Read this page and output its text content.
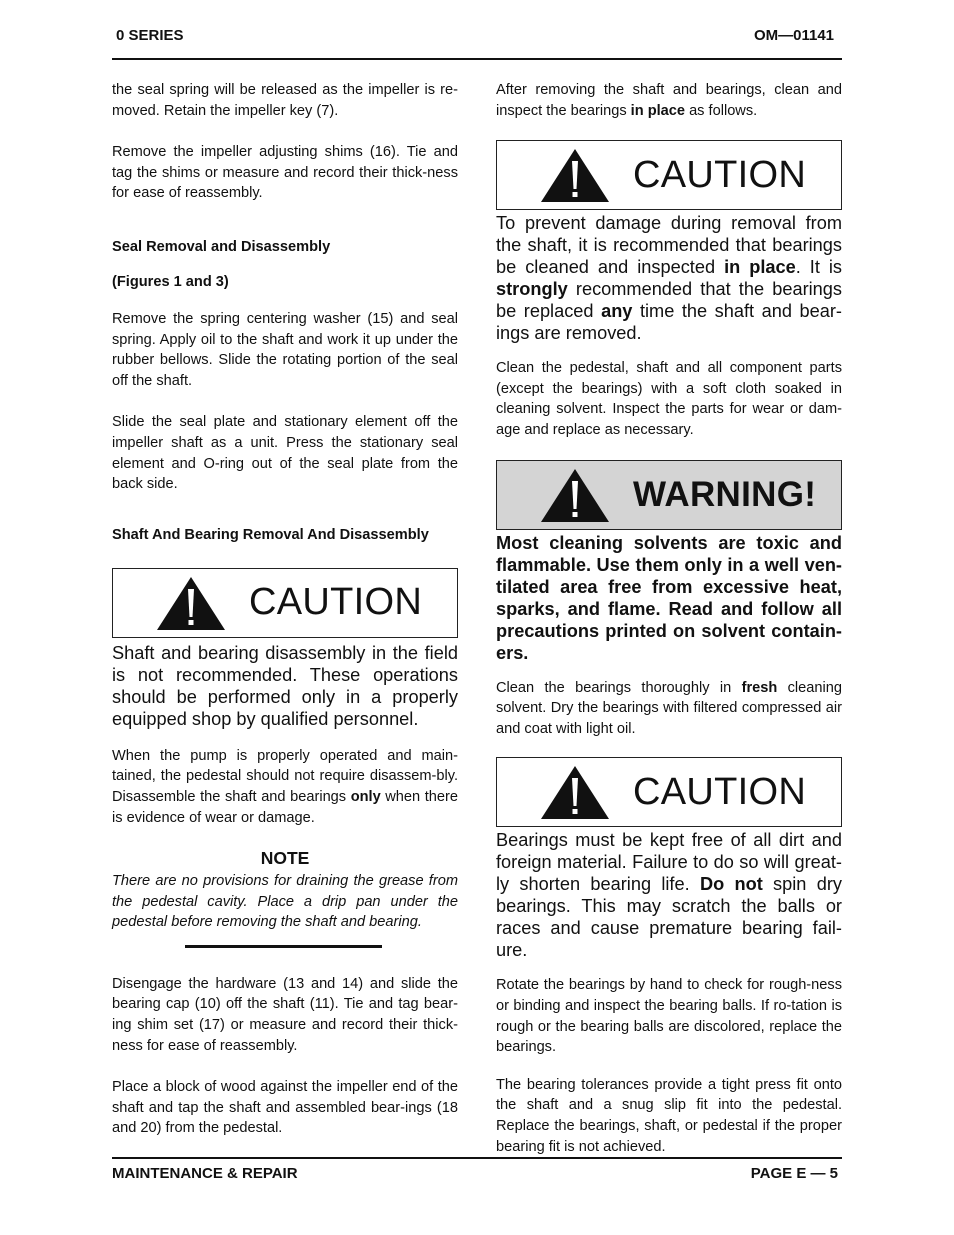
0 SERIES	OM—01141

the seal spring will be released as the impeller is re-moved. Retain the impeller key (7).

Remove the impeller adjusting shims (16). Tie and tag the shims or measure and record their thick-ness for ease of reassembly.

Seal Removal and Disassembly

(Figures 1 and 3)

Remove the spring centering washer (15) and seal spring. Apply oil to the shaft and work it up under the rubber bellows. Slide the rotating portion of the seal off the shaft.

Slide the seal plate and stationary element off the impeller shaft as a unit. Press the stationary seal element and O-ring out of the seal plate from the back side.

Shaft And Bearing Removal And Disassembly

CAUTION

Shaft and bearing disassembly in the field is not recommended. These operations should be performed only in a properly equipped shop by qualified personnel.

When the pump is properly operated and main-tained, the pedestal should not require disassem-bly. Disassemble the shaft and bearings only when there is evidence of wear or damage.

NOTE

There are no provisions for draining the grease from the pedestal cavity. Place a drip pan under the pedestal before removing the shaft and bearing.

Disengage the hardware (13 and 14) and slide the bearing cap (10) off the shaft (11). Tie and tag bear-ing shim set (17) or measure and record their thick-ness for ease of reassembly.

Place a block of wood against the impeller end of the shaft and tap the shaft and assembled bear-ings (18 and 20) from the pedestal.

After removing the shaft and bearings, clean and inspect the bearings in place as follows.

CAUTION

To prevent damage during removal from the shaft, it is recommended that bearings be cleaned and inspected in place. It is strongly recommended that the bearings be replaced any time the shaft and bear-ings are removed.

Clean the pedestal, shaft and all component parts (except the bearings) with a soft cloth soaked in cleaning solvent. Inspect the parts for wear or dam-age and replace as necessary.

WARNING!

Most cleaning solvents are toxic and flammable. Use them only in a well ven-tilated area free from excessive heat, sparks, and flame. Read and follow all precautions printed on solvent contain-ers.

Clean the bearings thoroughly in fresh cleaning solvent. Dry the bearings with filtered compressed air and coat with light oil.

CAUTION

Bearings must be kept free of all dirt and foreign material. Failure to do so will great-ly shorten bearing life. Do not spin dry bearings. This may scratch the balls or races and cause premature bearing fail-ure.

Rotate the bearings by hand to check for rough-ness or binding and inspect the bearing balls. If ro-tation is rough or the bearing balls are discolored, replace the bearings.

The bearing tolerances provide a tight press fit onto the shaft and a snug slip fit into the pedestal. Replace the bearings, shaft, or pedestal if the proper bearing fit is not achieved.

MAINTENANCE & REPAIR	PAGE E — 5
